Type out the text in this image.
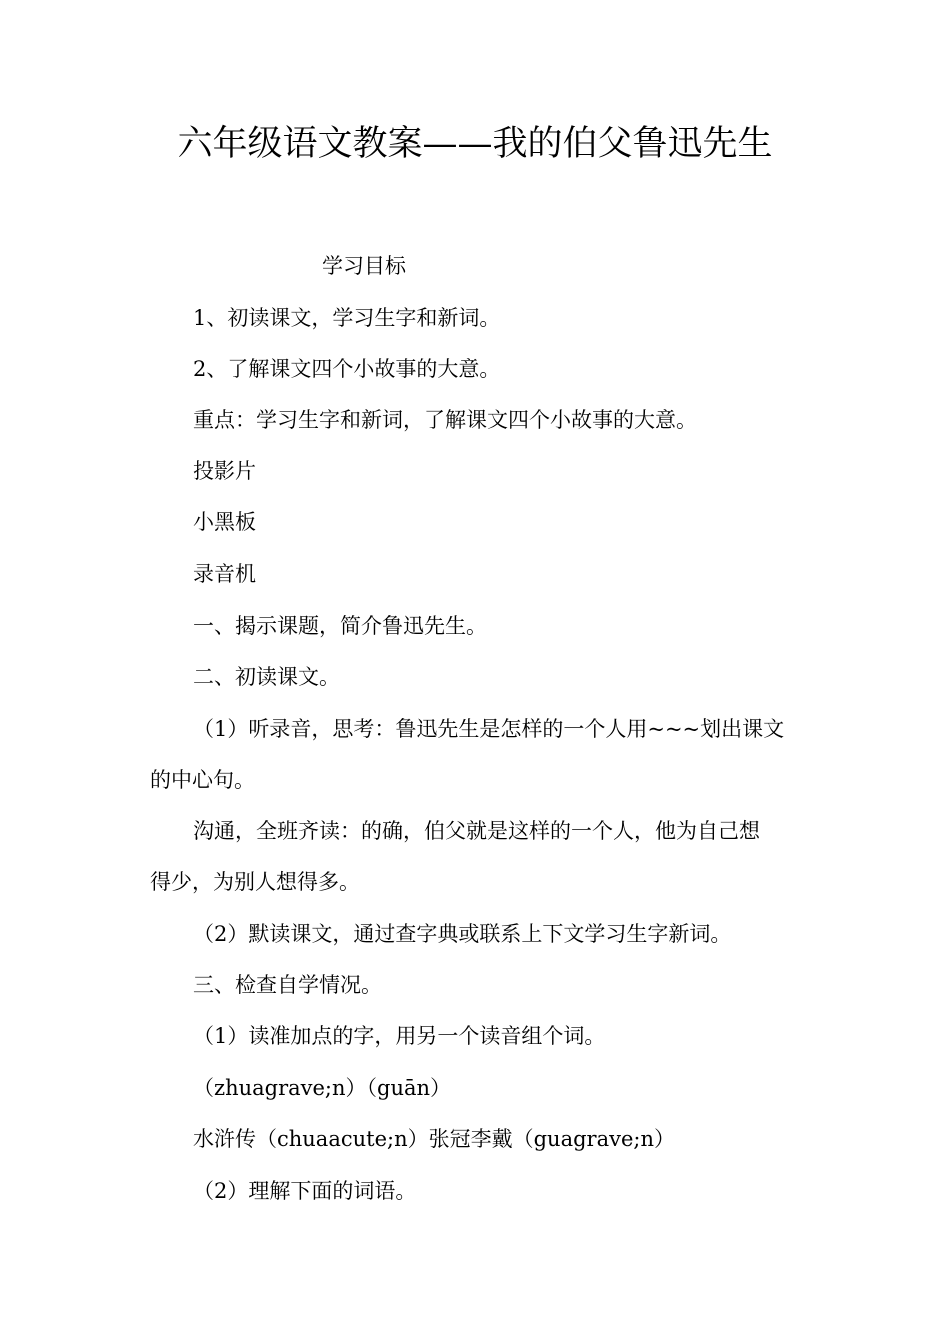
六年级语文教案——我的伯父鲁迅先生
学习目标
1、初读课文，学习生字和新词。
2、了解课文四个小故事的大意。
重点：学习生字和新词，了解课文四个小故事的大意。
投影片
小黑板
录音机
一、揭示课题，简介鲁迅先生。
二、初读课文。
（1）听录音，思考：鲁迅先生是怎样的一个人用~~~划出课文
的中心句。
沟通，全班齐读：的确，伯父就是这样的一个人，他为自己想
得少，为别人想得多。
（2）默读课文，通过查字典或联系上下文学习生字新词。
三、检查自学情况。
（1）读准加点的字，用另一个读音组个词。
（zhuagrave;n）（guān）
水浒传（chuaacute;n）张冠李戴（guagrave;n）
（2）理解下面的词语。
